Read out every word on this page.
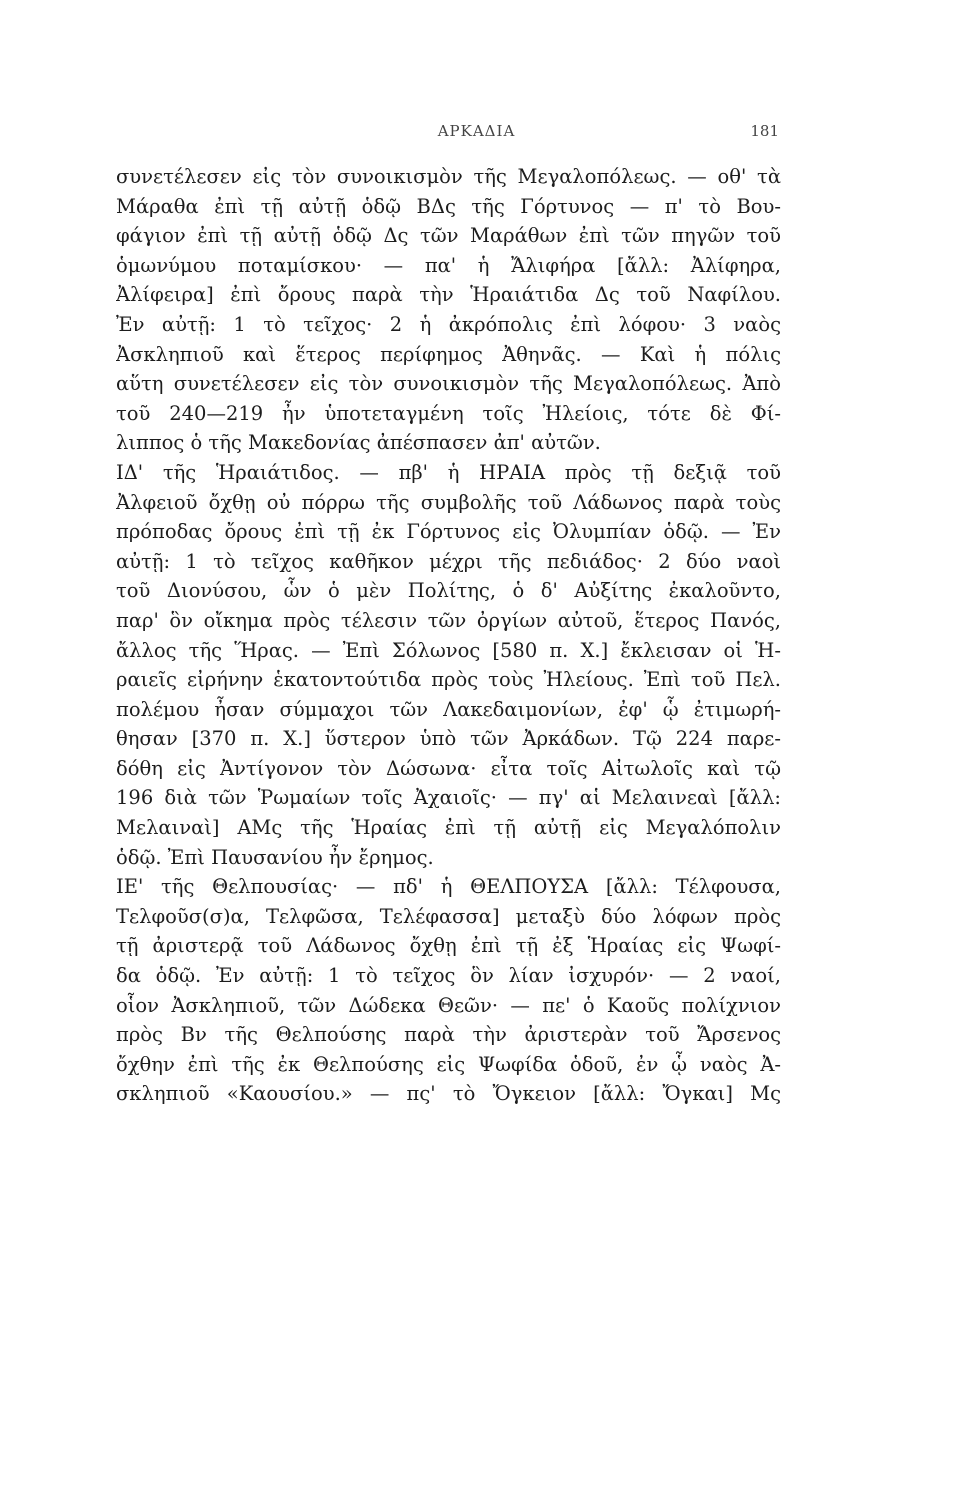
ΑΡΚΑΔΙΑ	181
συνετέλεσεν εἰς τὸν συνοικισμὸν τῆς Μεγαλοπόλεως. — οθ' τὰ
Μάραθα ἐπὶ τῇ αὐτῇ ὁδῷ ΒΔς τῆς Γόρτυνος — π' τὸ Βου-
φάγιον ἐπὶ τῇ αὐτῇ ὁδῷ Δς τῶν Μαράθων ἐπὶ τῶν πηγῶν τοῦ
ὁμωνύμου ποταμίσκου· — πα' ἡ Ἄλιφήρα [ἄλλ: Ἀλίφηρα,
Ἀλίφειρα] ἐπὶ ὄρους παρὰ τὴν Ἡραιάτιδα Δς τοῦ Ναφίλου.
Ἐν αὐτῇ: 1 τὸ τεῖχος· 2 ἡ ἀκρόπολις ἐπὶ λόφου· 3 ναὸς
Ἀσκληπιοῦ καὶ ἕτερος περίφημος Ἀθηνᾶς. — Καὶ ἡ πόλις
αὕτη συνετέλεσεν εἰς τὸν συνοικισμὸν τῆς Μεγαλοπόλεως. Ἀπὸ
τοῦ 240—219 ἦν ὑποτεταγμένη τοῖς Ἠλείοις, τότε δὲ Φί-
λιππος ὁ τῆς Μακεδονίας ἀπέσπασεν ἀπ' αὐτῶν.
ΙΔ' τῆς Ἡραιάτιδος. — πβ' ἡ ΗΡΑΙΑ πρὸς τῇ δεξιᾷ τοῦ
Ἀλφειοῦ ὄχθῃ οὐ πόρρω τῆς συμβολῆς τοῦ Λάδωνος παρὰ τοὺς
πρόποδας ὄρους ἐπὶ τῇ ἐκ Γόρτυνος εἰς Ὀλυμπίαν ὁδῷ. — Ἐν
αὐτῇ: 1 τὸ τεῖχος καθῆκον μέχρι τῆς πεδιάδος· 2 δύο ναοὶ
τοῦ Διονύσου, ὧν ὁ μὲν Πολίτης, ὁ δ' Αὐξίτης ἐκαλοῦντο,
παρ' ὃν οἴκημα πρὸς τέλεσιν τῶν ὀργίων αὐτοῦ, ἕτερος Πανός,
ἄλλος τῆς Ἥρας. — Ἐπὶ Σόλωνος [580 π. Χ.] ἔκλεισαν οἱ Ἡ-
ραιεῖς εἰρήνην ἑκατοντούτιδα πρὸς τοὺς Ἠλείους. Ἐπὶ τοῦ Πελ.
πολέμου ἦσαν σύμμαχοι τῶν Λακεδαιμονίων, ἐφ' ᾧ ἐτιμωρή-
θησαν [370 π. Χ.] ὕστερον ὑπὸ τῶν Ἀρκάδων. Τῷ 224 παρε-
δόθη εἰς Ἀντίγονον τὸν Δώσωνα· εἶτα τοῖς Αἰτωλοῖς καὶ τῷ
196 διὰ τῶν Ῥωμαίων τοῖς Ἀχαιοῖς· — πγ' αἱ Μελαινεαὶ [ἄλλ:
Μελαιναὶ] ΑΜς τῆς Ἡραίας ἐπὶ τῇ αὐτῇ εἰς Μεγαλόπολιν
ὁδῷ. Ἐπὶ Παυσανίου ἦν ἔρημος.
ΙΕ' τῆς Θελπουσίας· — πδ' ἡ ΘΕΛΠΟΥΣΑ [ἄλλ: Τέλφουσα,
Τελφοῦσ(σ)α, Τελφῶσα, Τελέφασσα] μεταξὺ δύο λόφων πρὸς
τῇ ἀριστερᾷ τοῦ Λάδωνος ὄχθῃ ἐπὶ τῇ ἐξ Ἡραίας εἰς Ψωφί-
δα ὁδῷ. Ἐν αὐτῇ: 1 τὸ τεῖχος ὃν λίαν ἰσχυρόν· — 2 ναοί,
οἷον Ἀσκληπιοῦ, τῶν Δώδεκα Θεῶν· — πε' ὁ Καοῦς πολίχνιον
πρὸς Βν τῆς Θελπούσης παρὰ τὴν ἀριστερὰν τοῦ Ἄρσενος
ὄχθην ἐπὶ τῆς ἐκ Θελπούσης εἰς Ψωφίδα ὁδοῦ, ἐν ᾧ ναὸς Ἀ-
σκληπιοῦ «Καουσίου.» — πς' τὸ Ὄγκειον [ἄλλ: Ὄγκαι] Μς
